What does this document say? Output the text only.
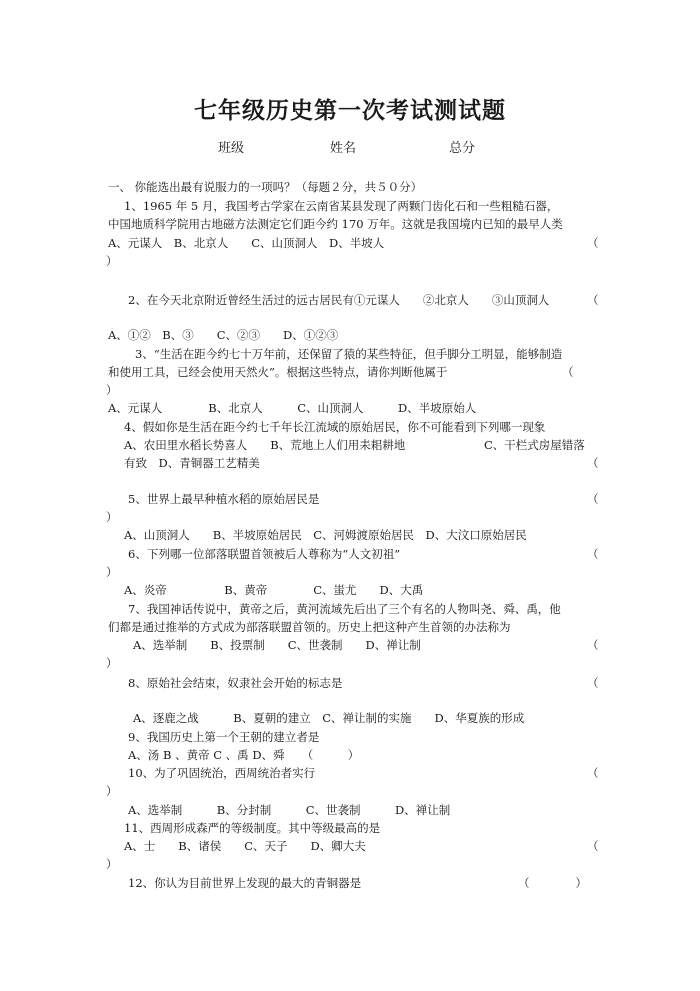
七年级历史第一次考试测试题
班级	姓名	总分
一、 你能选出最有说服力的一项吗？（每题２分，共５０分）
1、1965 年 5 月，我国考古学家在云南省某县发现了两颗门齿化石和一些粗糙石器，
中国地质科学院用古地磁方法测定它们距今约 170 万年。这就是我国境内已知的最早人类
A、元谋人　B、北京人　　C、山顶洞人　D、半坡人	（
）
2、在今天北京附近曾经生活过的远古居民有①元谋人　　②北京人　　③山顶洞人	（
A、①②　B、③　　C、②③　　D、①②③
3、“生活在距今约七十万年前，还保留了猿的某些特征，但手脚分工明显，能够制造
和使用工具，已经会使用天然火”。根据这些特点，请你判断他属于	（
）
A、元谋人　　　　B、北京人　　　C、山顶洞人　　　D、半坡原始人
4、假如你是生活在距今约七千年长江流域的原始居民，你不可能看到下列哪一现象
A、农田里水稻长势喜人　　B、荒地上人们用耒耜耕地	C、干栏式房屋错落
有致　D、青铜器工艺精美	（
5、世界上最早种植水稻的原始居民是	（
）
A、山顶洞人　　B、半坡原始居民　C、河姆渡原始居民　D、大汶口原始居民
6、下列哪一位部落联盟首领被后人尊称为“人文初祖”	（
）
A、炎帝　　　　　B、黄帝　　　　C、蚩尤　　D、大禹
7、我国神话传说中，黄帝之后，黄河流域先后出了三个有名的人物叫尧、舜、禹，他
们都是通过推举的方式成为部落联盟首领的。历史上把这种产生首领的办法称为
A、选举制　　B、投票制　　C、世袭制　　D、禅让制	（
）
8、原始社会结束，奴隶社会开始的标志是	（
A、逐鹿之战　　　B、夏朝的建立　C、禅让制的实施　　D、华夏族的形成
9、我国历史上第一个王朝的建立者是
A、汤 B 、黄帝 C 、禹 D、舜　　（　　　）
10、为了巩固统治，西周统治者实行	（
）
A、选举制　　　B、分封制　　　C、世袭制　　　D、禅让制
11、西周形成森严的等级制度。其中等级最高的是
A、士　　B、诸侯　　C、天子　　D、卿大夫	（
）
12、你认为目前世界上发现的最大的青铜器是	（　　　　）
